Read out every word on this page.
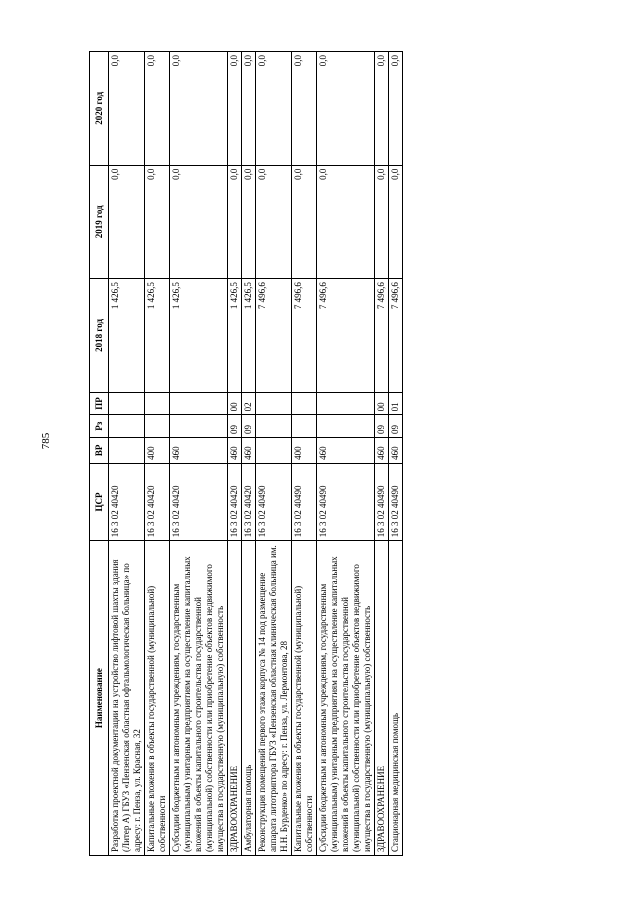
785
Наименование	ЦСР	ВР	Рз	ПР	2018 год	2019 год	2020 год
Разработка проектной документации на устройство лифтовой шахты здания (Литер А) ГБУЗ «Пензенская областная офтальмологическая больница» по адресу: г. Пенза, ул. Красная, 32	16 3 02 40420				1 426,5	0,0	0,0
Капитальные вложения в объекты государственной (муниципальной) собственности	16 3 02 40420	400			1 426,5	0,0	0,0
Субсидии бюджетным и автономным учреждениям, государственным (муниципальным) унитарным предприятиям на осуществление капитальных вложений в объекты капитального строительства государственной (муниципальной) собственности или приобретение объектов недвижимого имущества в государственную (муниципальную) собственность	16 3 02 40420	460			1 426,5	0,0	0,0
ЗДРАВООХРАНЕНИЕ	16 3 02 40420	460	09	00	1 426,5	0,0	0,0
Амбулаторная помощь	16 3 02 40420	460	09	02	1 426,5	0,0	0,0
Реконструкция помещений первого этажа корпуса № 14 под размещение аппарата литотриптора ГБУЗ «Пензенская областная клиническая больница им. Н.Н. Бурденко» по адресу: г. Пенза, ул. Лермонтова, 28	16 3 02 40490				7 496,6	0,0	0,0
Капитальные вложения в объекты государственной (муниципальной) собственности	16 3 02 40490	400			7 496,6	0,0	0,0
Субсидии бюджетным и автономным учреждениям, государственным (муниципальным) унитарным предприятиям на осуществление капитальных вложений в объекты капитального строительства государственной (муниципальной) собственности или приобретение объектов недвижимого имущества в государственную (муниципальную) собственность	16 3 02 40490	460			7 496,6	0,0	0,0
ЗДРАВООХРАНЕНИЕ	16 3 02 40490	460	09	00	7 496,6	0,0	0,0
Стационарная медицинская помощь	16 3 02 40490	460	09	01	7 496,6	0,0	0,0
